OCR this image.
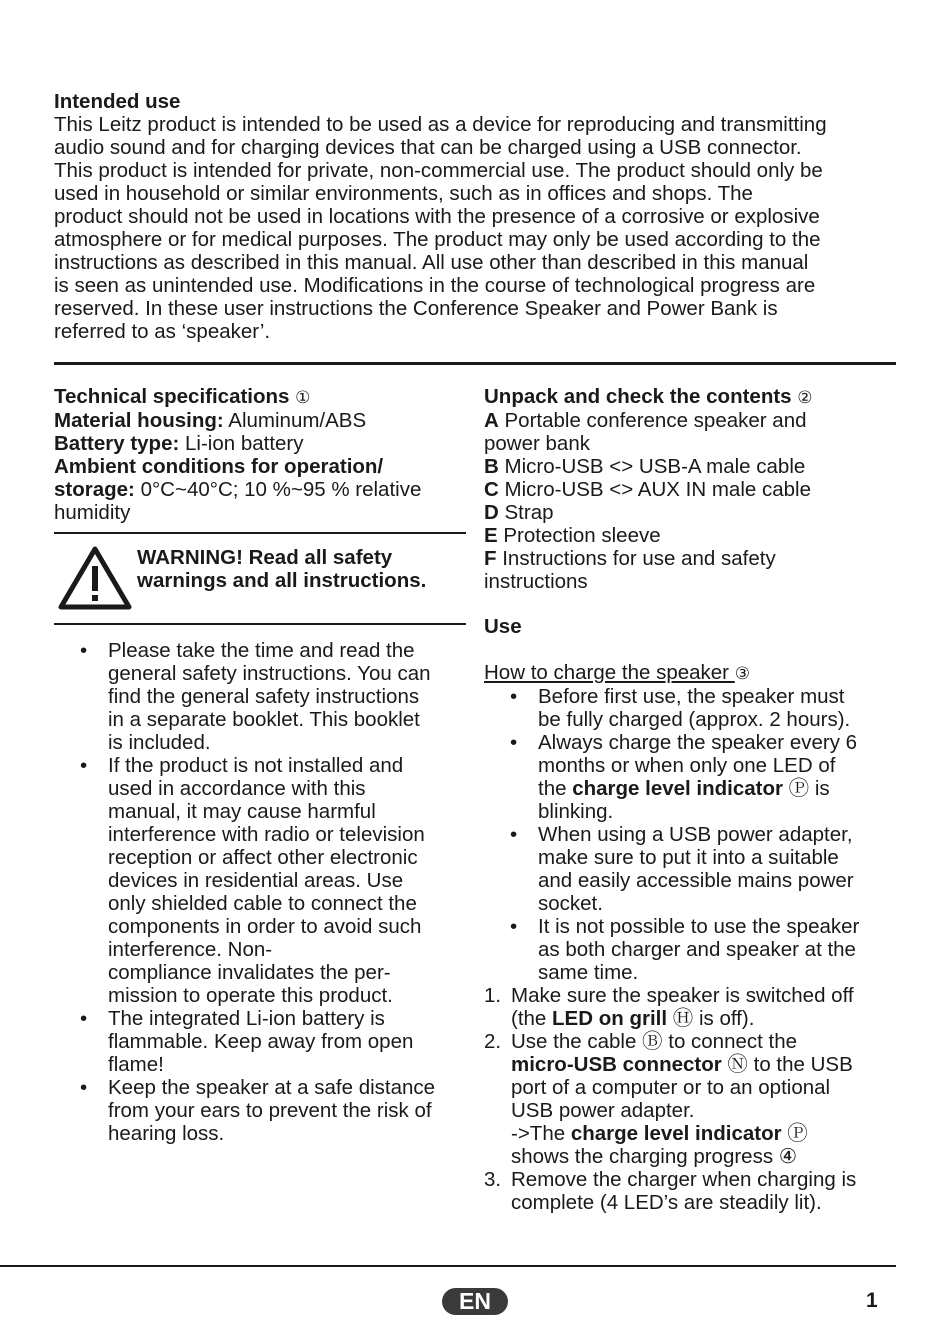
Intended use
This Leitz product is intended to be used as a device for reproducing and transmitting
audio sound and for charging devices that can be charged using a USB connector.
This product is intended for private, non-commercial use. The product should only be
used in household or similar environments, such as in offices and shops. The
product should not be used in locations with the presence of a corrosive or explosive
atmosphere or for medical purposes. The product may only be used according to the
instructions as described in this manual. All use other than described in this manual
is seen as unintended use. Modifications in the course of technological progress are
reserved. In these user instructions the Conference Speaker and Power Bank is
referred to as ‘speaker’.
Technical specifications ①
Material housing: Aluminum/ABS
Battery type: Li-ion battery
Ambient conditions for operation/
storage: 0°C~40°C; 10 %~95 % relative
humidity
WARNING! Read all safety
warnings and all instructions.
• Please take the time and read the
general safety instructions. You can
find the general safety instructions
in a separate booklet. This booklet
is included.
• If the product is not installed and
used in accordance with this
manual, it may cause harmful
interference with radio or television
reception or affect other electronic
devices in residential areas. Use
only shielded cable to connect the
components in order to avoid such
interference. Non-
compliance invalidates the per-
mission to operate this product.
• The integrated Li-ion battery is
flammable. Keep away from open
flame!
• Keep the speaker at a safe distance
from your ears to prevent the risk of
hearing loss.
Unpack and check the contents ②
A Portable conference speaker and
power bank
B Micro-USB <> USB-A male cable
C Micro-USB <> AUX IN male cable
D Strap
E Protection sleeve
F Instructions for use and safety
instructions
Use
How to charge the speaker ③
• Before first use, the speaker must
be fully charged (approx. 2 hours).
• Always charge the speaker every 6
months or when only one LED of
the charge level indicator Ⓟ is
blinking.
• When using a USB power adapter,
make sure to put it into a suitable
and easily accessible mains power
socket.
• It is not possible to use the speaker
as both charger and speaker at the
same time.
1. Make sure the speaker is switched off
(the LED on grill Ⓗ is off).
2. Use the cable Ⓑ to connect the
micro-USB connector Ⓝ to the USB
port of a computer or to an optional
USB power adapter.
->The charge level indicator Ⓟ
shows the charging progress ④
3. Remove the charger when charging is
complete (4 LED’s are steadily lit).
EN	1
